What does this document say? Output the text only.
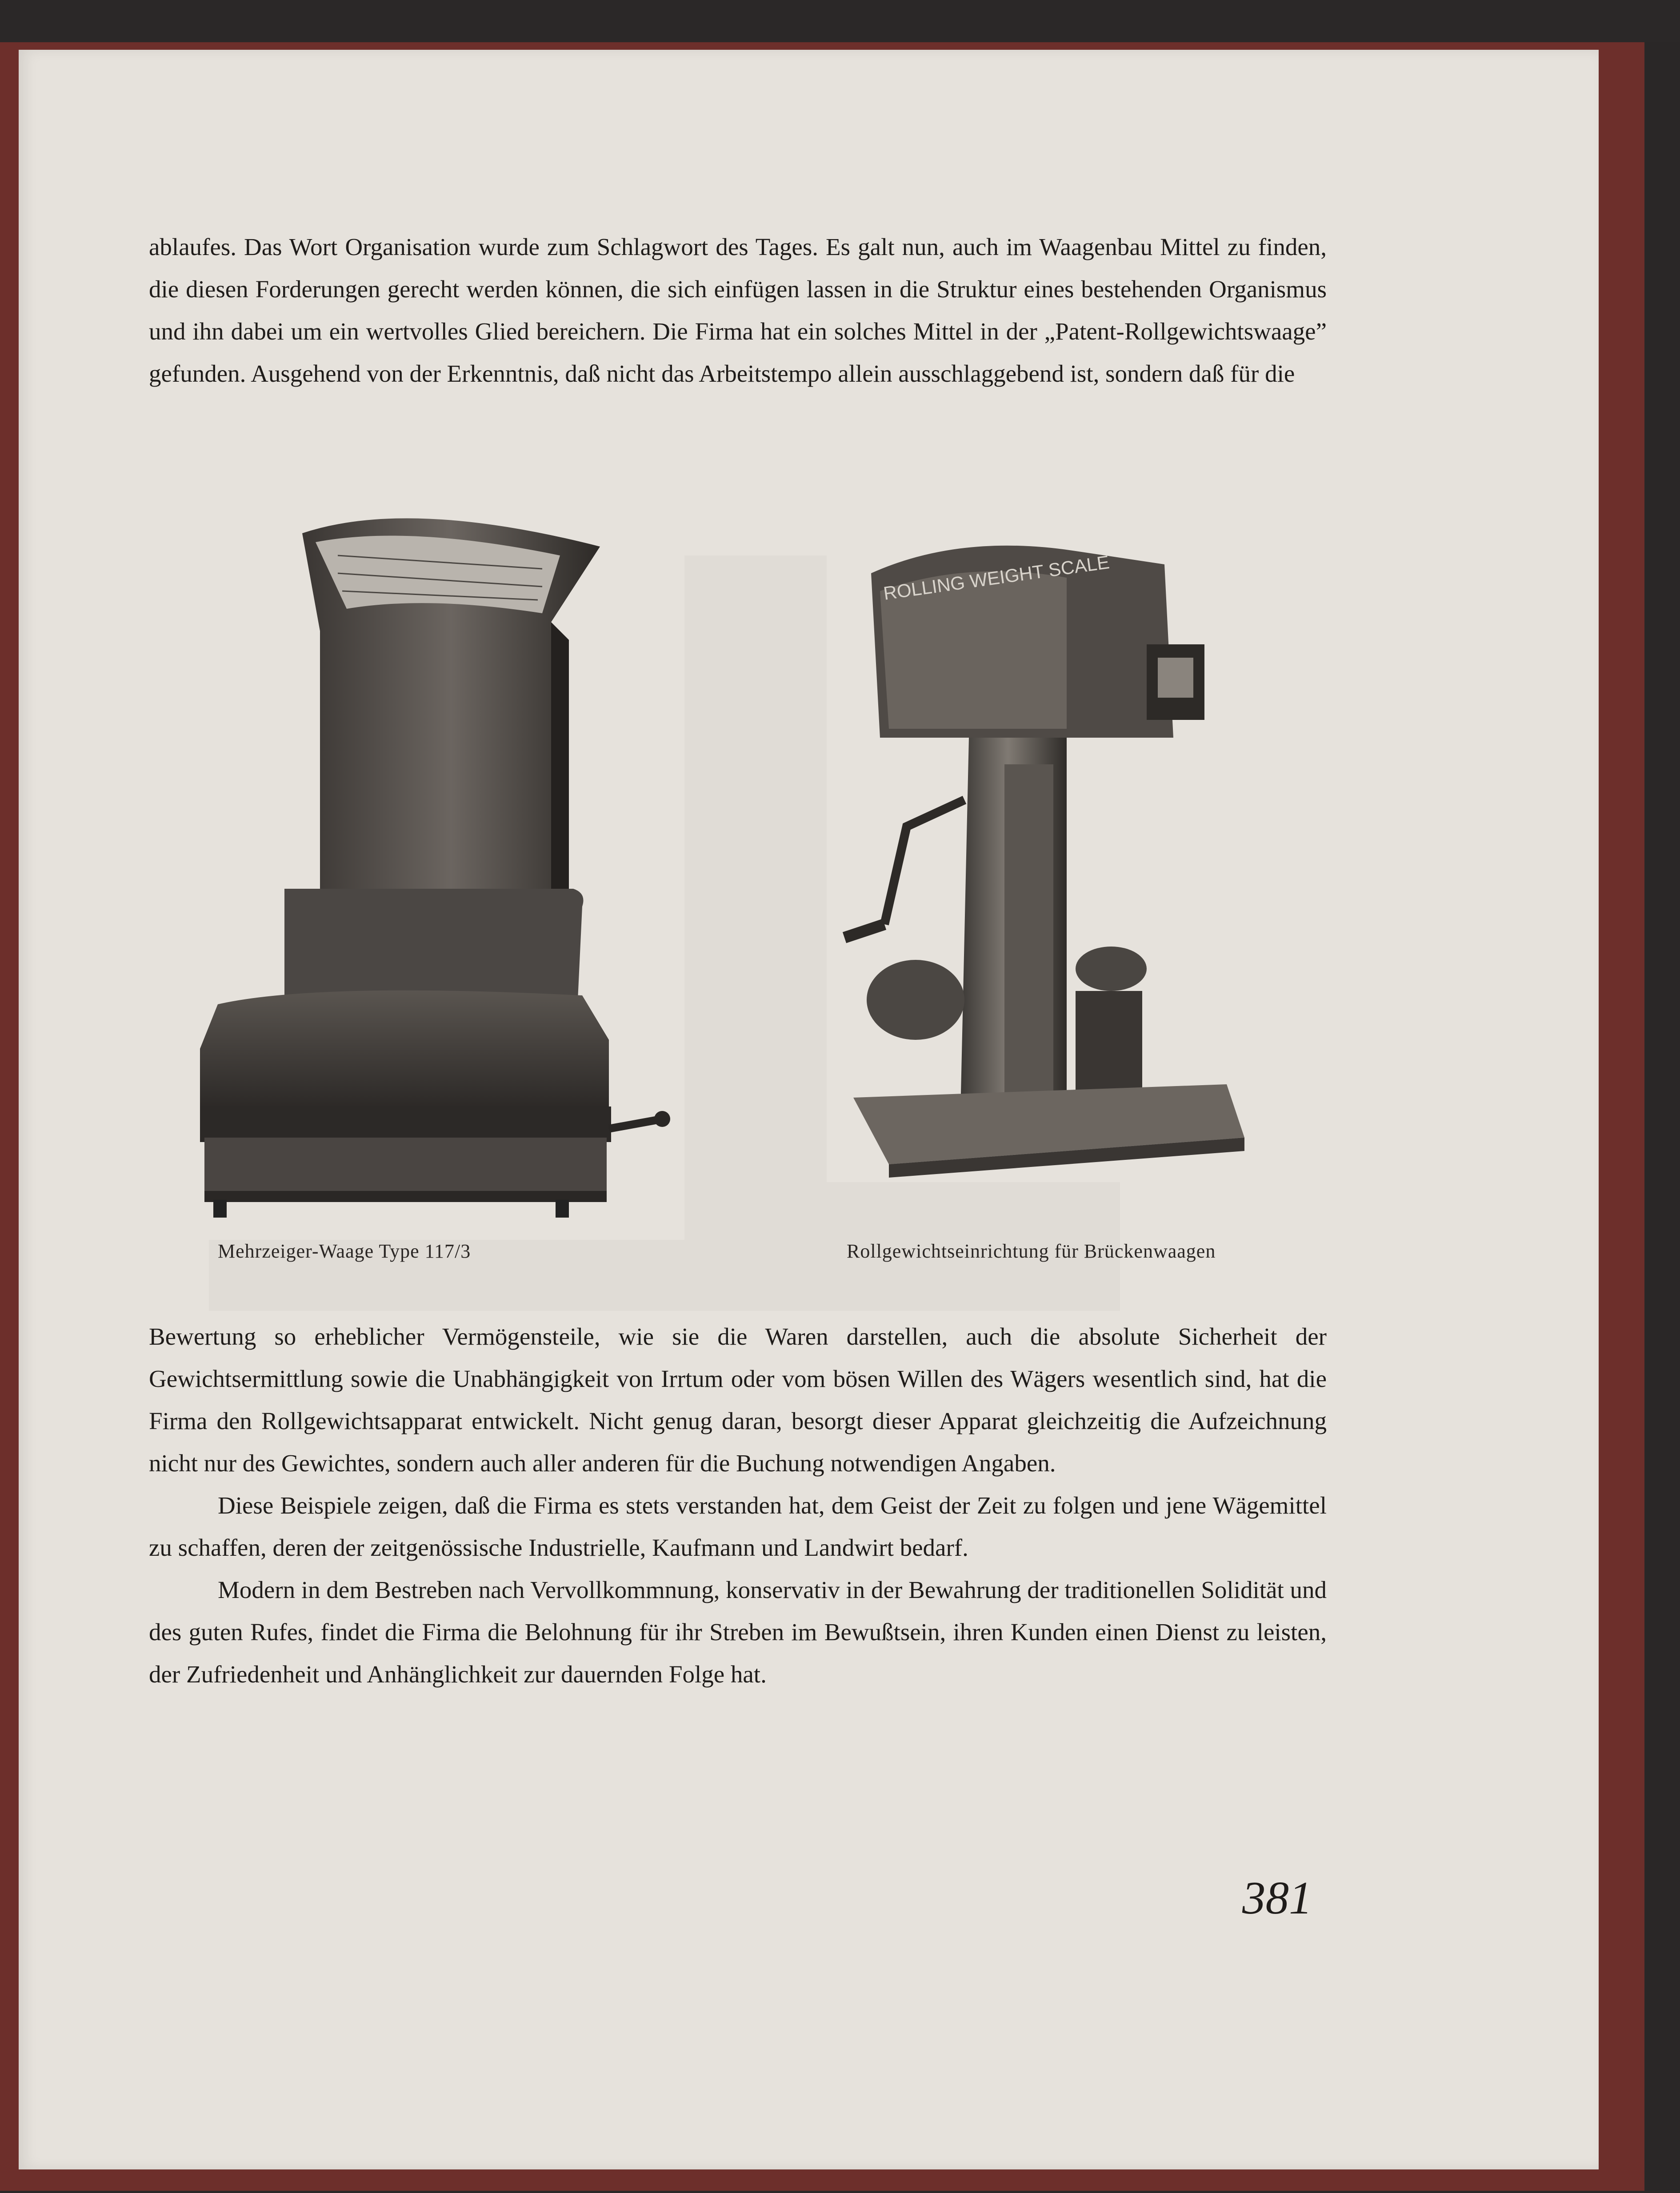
ablaufes. Das Wort Organisation wurde zum Schlagwort des Tages. Es galt nun, auch im Waagenbau Mittel zu finden, die diesen Forderungen gerecht werden können, die sich einfügen lassen in die Struktur eines bestehenden Organismus und ihn dabei um ein wertvolles Glied bereichern. Die Firma hat ein solches Mittel in der „Patent-Rollgewichtswaage” gefunden. Ausgehend von der Erkenntnis, daß nicht das Arbeitstempo allein ausschlaggebend ist, sondern daß für die

Mehrzeiger-Waage Type 117/3
ROLLING WEIGHT SCALE
Rollgewichtseinrichtung für Brückenwaagen

Bewertung so erheblicher Vermögensteile, wie sie die Waren darstellen, auch die absolute Sicherheit der Gewichtsermittlung sowie die Unabhängigkeit von Irrtum oder vom bösen Willen des Wägers wesentlich sind, hat die Firma den Rollgewichtsapparat entwickelt. Nicht genug daran, besorgt dieser Apparat gleichzeitig die Aufzeichnung nicht nur des Gewichtes, sondern auch aller anderen für die Buchung notwendigen Angaben.

Diese Beispiele zeigen, daß die Firma es stets verstanden hat, dem Geist der Zeit zu folgen und jene Wägemittel zu schaffen, deren der zeitgenössische Industrielle, Kaufmann und Landwirt bedarf.

Modern in dem Bestreben nach Vervollkommnung, konservativ in der Bewahrung der traditionellen Solidität und des guten Rufes, findet die Firma die Belohnung für ihr Streben im Bewußtsein, ihren Kunden einen Dienst zu leisten, der Zufriedenheit und Anhänglichkeit zur dauernden Folge hat.

381
